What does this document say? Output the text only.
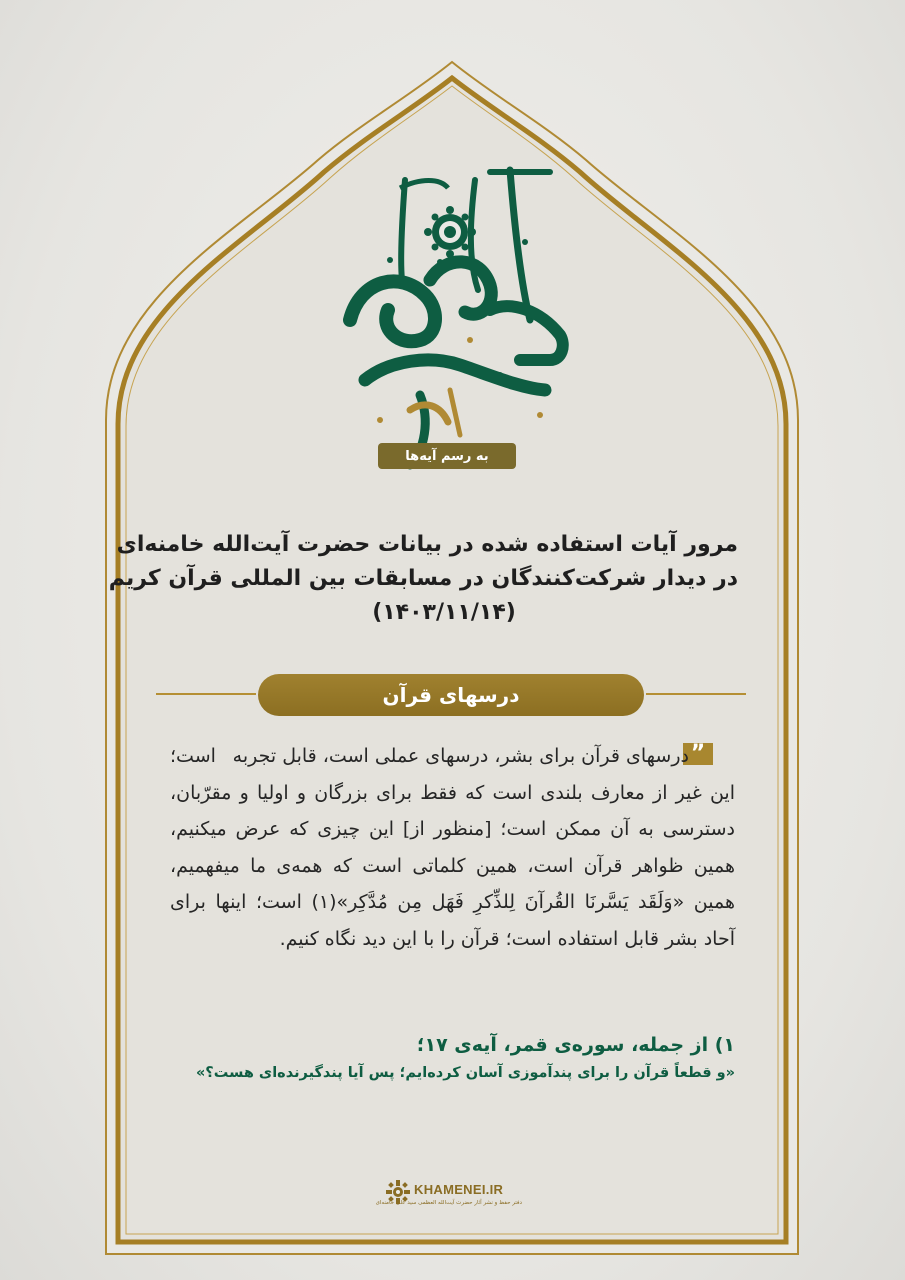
به رسم آیه‌ها
مرور آیات استفاده شده در بیانات حضرت آیت‌الله خامنه‌ای
در دیدار شرکت‌کنندگان در مسابقات بین المللی قرآن کریم
(۱۴۰۳/۱۱/۱۴)
درسهای قرآن
”
درسهای قرآن برای بشر، درسهای عملی است، قابل تجربه است؛ این غیر از معارف بلندی است که فقط برای بزرگان و اولیا و مقرّبان، دسترسی به آن ممکن است؛ [منظور از] این چیزی که عرض میکنیم، همین ظواهر قرآن است، همین کلماتی است که همه‌ی ما میفهمیم، همین «وَلَقَد یَسَّرنَا القُرآنَ لِلذِّکرِ فَهَل مِن مُدَّکِر»(۱) است؛ اینها برای آحاد بشر قابل استفاده است؛ قرآن را با این دید نگاه کنیم.
۱) از جمله، سوره‌ی قمر، آیه‌ی ۱۷؛
«و قطعاً قرآن را برای پندآموزی آسان کرده‌ایم؛ پس آیا پندگیرنده‌ای هست؟»
KHAMENEI.IR
دفتر حفظ و نشر آثار حضرت آیت‌الله العظمی سید علی خامنه‌ای
